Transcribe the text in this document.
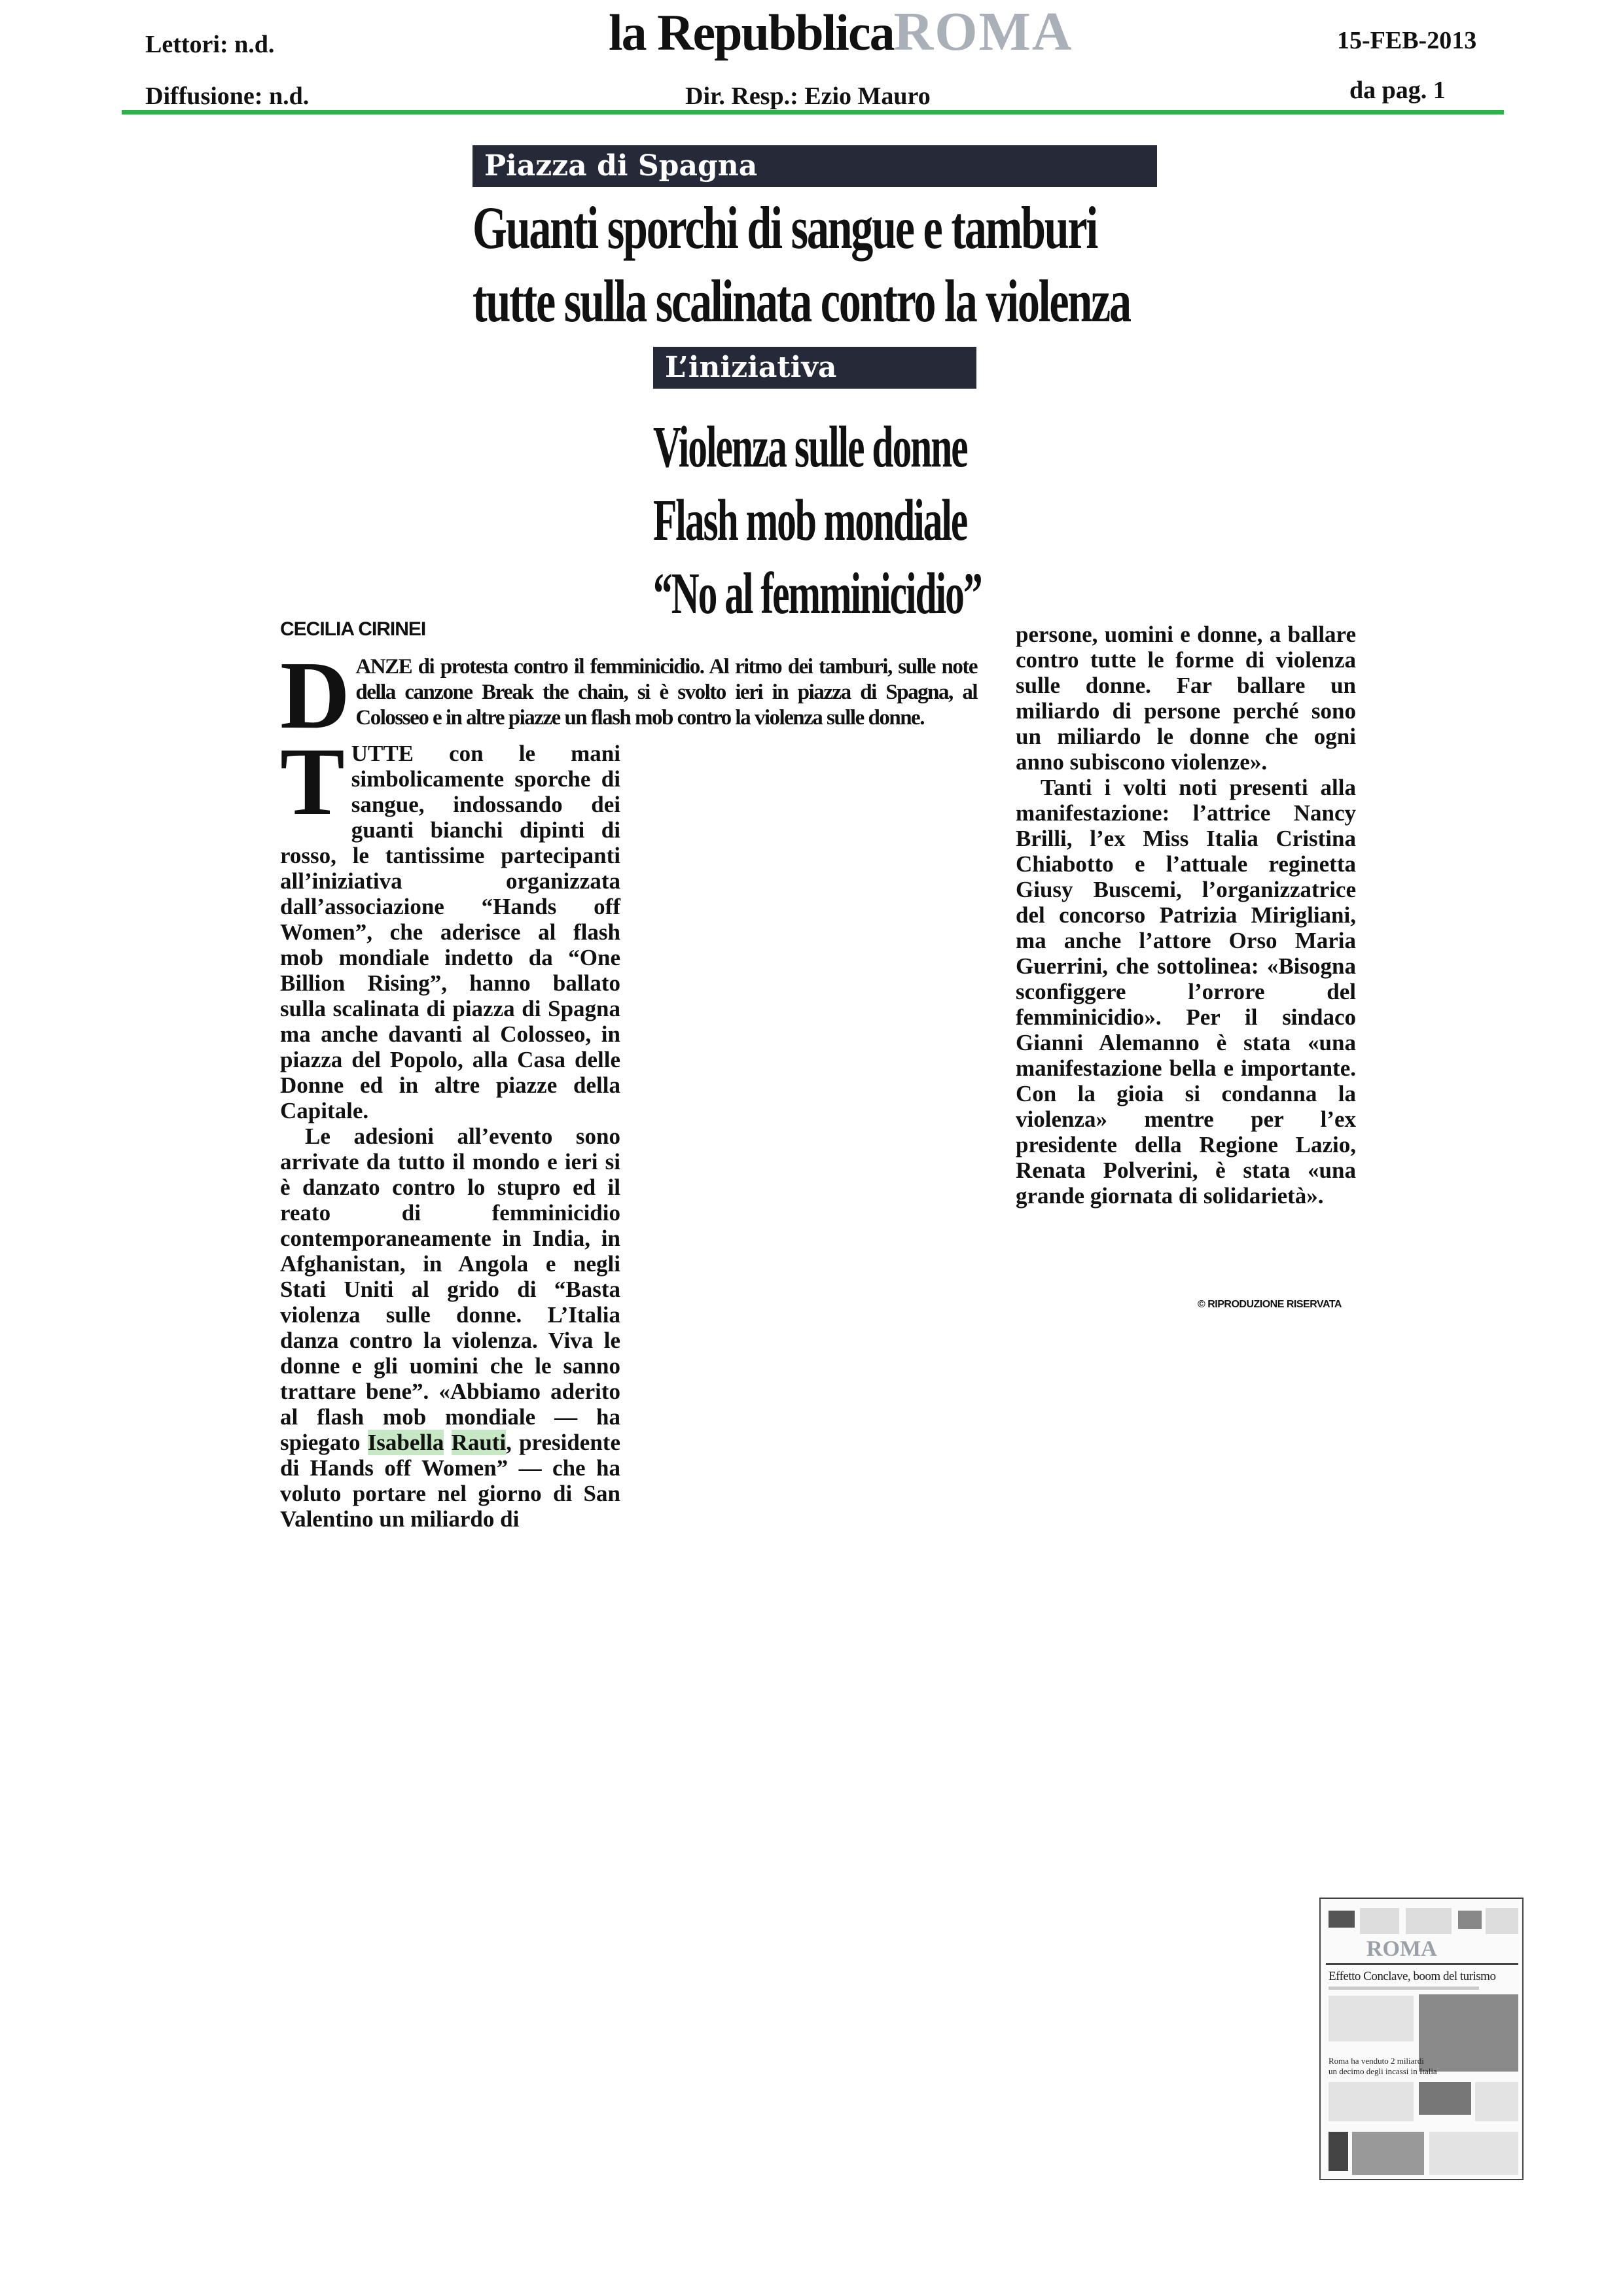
Lettori: n.d.
Diffusione: n.d.
la RepubblicaROMA	15-FEB-2013
Dir. Resp.: Ezio Mauro	da pag. 1
Piazza di Spagna
Guanti sporchi di sangue e tamburi
tutte sulla scalinata contro la violenza
L’iniziativa
Violenza sulle donne
Flash mob mondiale
“No al femminicidio”
CECILIA CIRINEI
D ANZE di protesta contro il femminicidio. Al ritmo dei tamburi, sulle note della canzone Break the chain, si è svolto ieri in piazza di Spagna, al Colosseo e in altre piazze un flash mob contro la violenza sulle donne.

TUTTE con le mani simbolicamente sporche di sangue, indossando dei guanti bianchi dipinti di rosso, le tantissime partecipanti all’iniziativa organizzata dall’associazione “Hands off Women”, che aderisce al flash mob mondiale indetto da “One Billion Rising”, hanno ballato sulla scalinata di piazza di Spagna ma anche davanti al Colosseo, in piazza del Popolo, alla Casa delle Donne ed in altre piazze della Capitale.

Le adesioni all’evento sono arrivate da tutto il mondo e ieri si è danzato contro lo stupro ed il reato di femminicidio contemporaneamente in India, in Afghanistan, in Angola e negli Stati Uniti al grido di “Basta violenza sulle donne. L’Italia danza contro la violenza. Viva le donne e gli uomini che le sanno trattare bene”. «Abbiamo aderito al flash mob mondiale — ha spiegato Isabella Rauti, presidente di Hands off Women” — che ha voluto portare nel giorno di San Valentino un miliardo di

persone, uomini e donne, a ballare contro tutte le forme di violenza sulle donne. Far ballare un miliardo di persone perché sono un miliardo le donne che ogni anno subiscono violenze».

Tanti i volti noti presenti alla manifestazione: l’attrice Nancy Brilli, l’ex Miss Italia Cristina Chiabotto e l’attuale reginetta Giusy Buscemi, l’organizzatrice del concorso Patrizia Mirigliani, ma anche l’attore Orso Maria Guerrini, che sottolinea: «Bisogna sconfiggere l’orrore del femminicidio». Per il sindaco Gianni Alemanno è stata «una manifestazione bella e importante. Con la gioia si condanna la violenza» mentre per l’ex presidente della Regione Lazio, Renata Polverini, è stata «una grande giornata di solidarietà».

© RIPRODUZIONE RISERVATA
ROMA
Effetto Conclave, boom del turismo
Roma ha venduto 2 miliardi
un decimo degli incassi in Italia
